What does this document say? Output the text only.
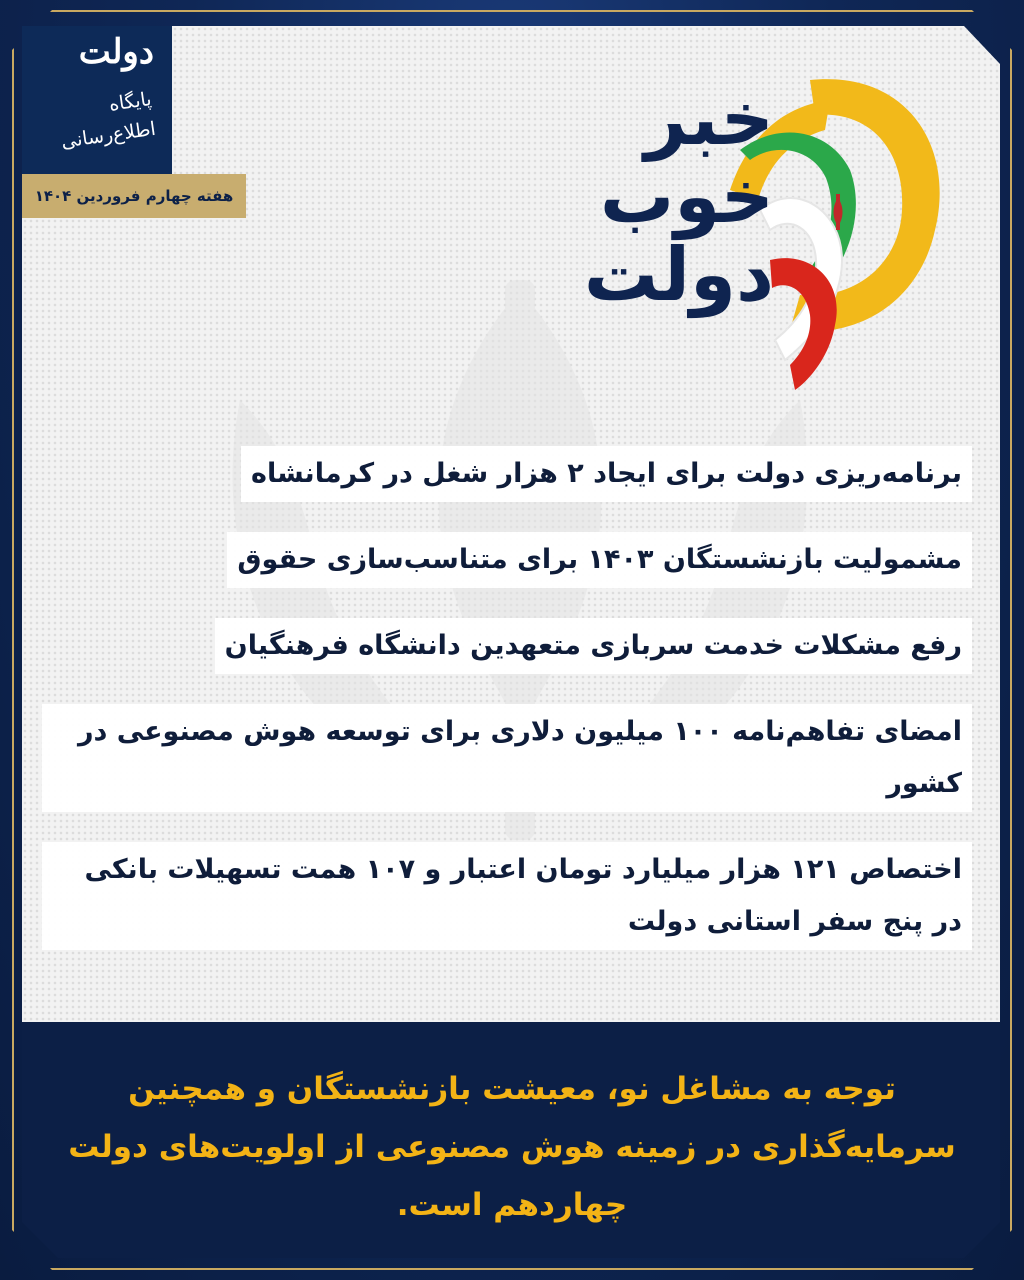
دولت
پایگاه اطلاع‌رسانی
هفته چهارم فروردین ۱۴۰۴
خبر
خوب
دولت
برنامه‌ریزی دولت برای ایجاد ۲ هزار شغل در کرمانشاه
مشمولیت بازنشستگان ۱۴۰۳ برای متناسب‌سازی حقوق
رفع مشکلات خدمت سربازی متعهدین دانشگاه فرهنگیان
امضای تفاهم‌نامه ۱۰۰ میلیون دلاری برای توسعه هوش مصنوعی در کشور
اختصاص ۱۲۱ هزار میلیارد تومان اعتبار و ۱۰۷ همت تسهیلات بانکی در پنج سفر استانی دولت
توجه به مشاغل نو، معیشت بازنشستگان و همچنین سرمایه‌گذاری در زمینه هوش مصنوعی از اولویت‌های دولت چهاردهم است.
